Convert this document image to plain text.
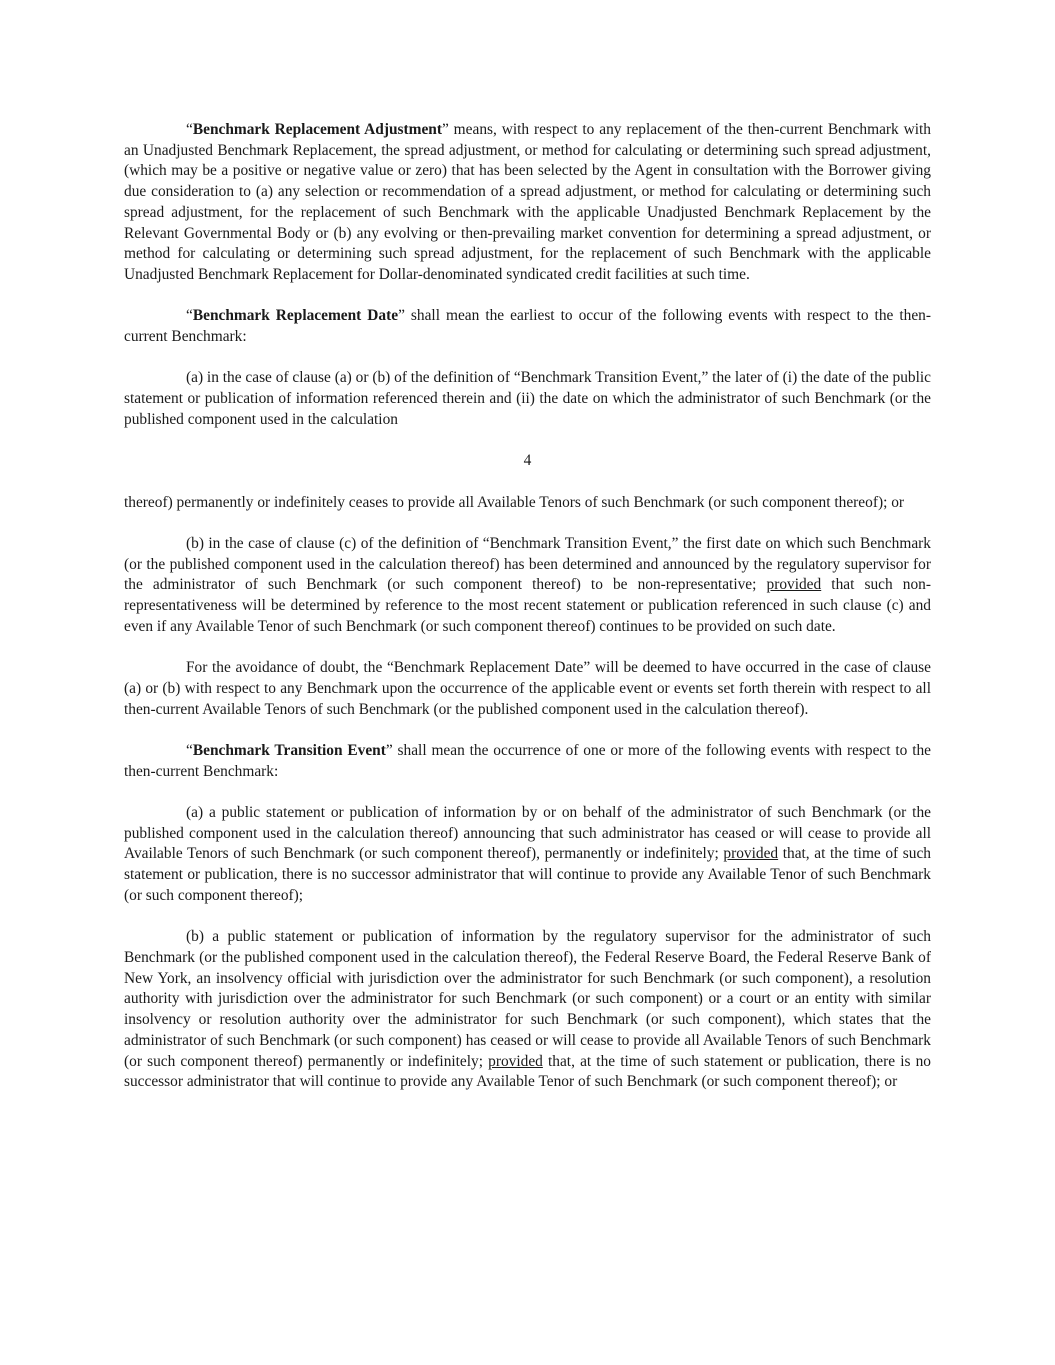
“Benchmark Replacement Adjustment” means, with respect to any replacement of the then-current Benchmark with an Unadjusted Benchmark Replacement, the spread adjustment, or method for calculating or determining such spread adjustment, (which may be a positive or negative value or zero) that has been selected by the Agent in consultation with the Borrower giving due consideration to (a) any selection or recommendation of a spread adjustment, or method for calculating or determining such spread adjustment, for the replacement of such Benchmark with the applicable Unadjusted Benchmark Replacement by the Relevant Governmental Body or (b) any evolving or then-prevailing market convention for determining a spread adjustment, or method for calculating or determining such spread adjustment, for the replacement of such Benchmark with the applicable Unadjusted Benchmark Replacement for Dollar-denominated syndicated credit facilities at such time.

“Benchmark Replacement Date” shall mean the earliest to occur of the following events with respect to the then-current Benchmark:

(a) in the case of clause (a) or (b) of the definition of “Benchmark Transition Event,” the later of (i) the date of the public statement or publication of information referenced therein and (ii) the date on which the administrator of such Benchmark (or the published component used in the calculation

4

thereof) permanently or indefinitely ceases to provide all Available Tenors of such Benchmark (or such component thereof); or

(b) in the case of clause (c) of the definition of “Benchmark Transition Event,” the first date on which such Benchmark (or the published component used in the calculation thereof) has been determined and announced by the regulatory supervisor for the administrator of such Benchmark (or such component thereof) to be non-representative; provided that such non-representativeness will be determined by reference to the most recent statement or publication referenced in such clause (c) and even if any Available Tenor of such Benchmark (or such component thereof) continues to be provided on such date.

For the avoidance of doubt, the “Benchmark Replacement Date” will be deemed to have occurred in the case of clause (a) or (b) with respect to any Benchmark upon the occurrence of the applicable event or events set forth therein with respect to all then-current Available Tenors of such Benchmark (or the published component used in the calculation thereof).

“Benchmark Transition Event” shall mean the occurrence of one or more of the following events with respect to the then-current Benchmark:

(a) a public statement or publication of information by or on behalf of the administrator of such Benchmark (or the published component used in the calculation thereof) announcing that such administrator has ceased or will cease to provide all Available Tenors of such Benchmark (or such component thereof), permanently or indefinitely; provided that, at the time of such statement or publication, there is no successor administrator that will continue to provide any Available Tenor of such Benchmark (or such component thereof);

(b) a public statement or publication of information by the regulatory supervisor for the administrator of such Benchmark (or the published component used in the calculation thereof), the Federal Reserve Board, the Federal Reserve Bank of New York, an insolvency official with jurisdiction over the administrator for such Benchmark (or such component), a resolution authority with jurisdiction over the administrator for such Benchmark (or such component) or a court or an entity with similar insolvency or resolution authority over the administrator for such Benchmark (or such component), which states that the administrator of such Benchmark (or such component) has ceased or will cease to provide all Available Tenors of such Benchmark (or such component thereof) permanently or indefinitely; provided that, at the time of such statement or publication, there is no successor administrator that will continue to provide any Available Tenor of such Benchmark (or such component thereof); or
